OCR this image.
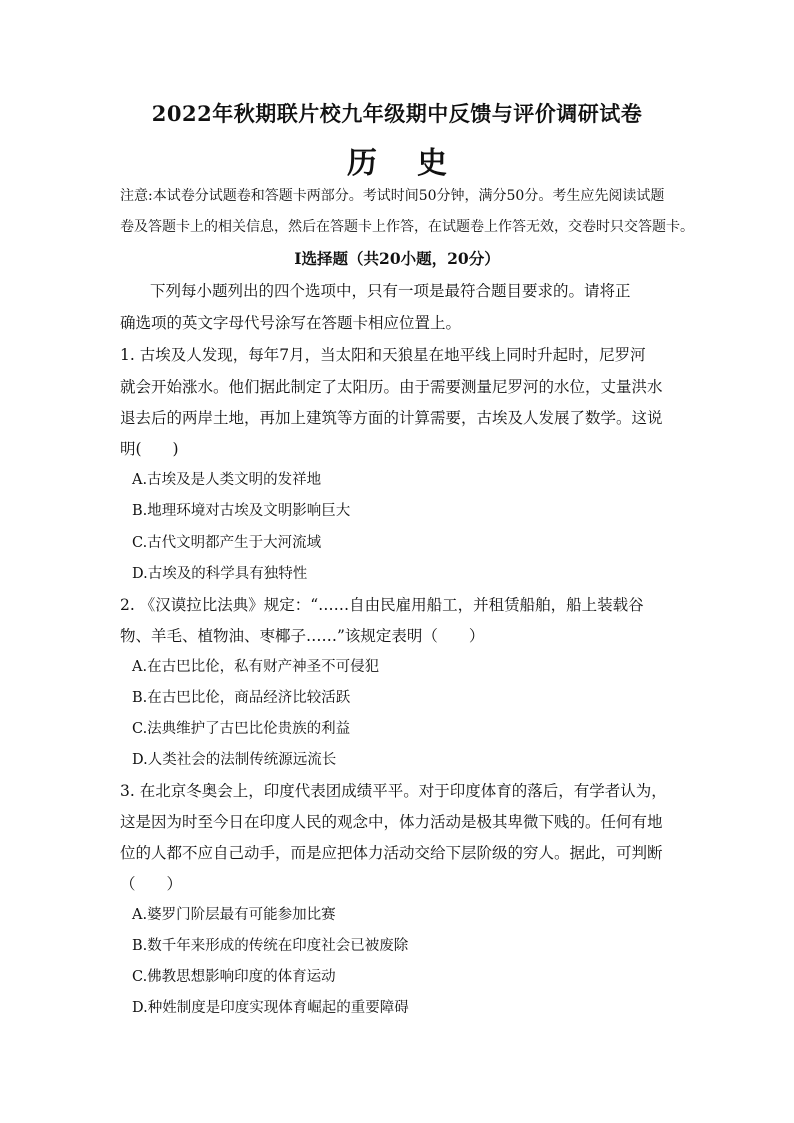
2022年秋期联片校九年级期中反馈与评价调研试卷
历 史
注意:本试卷分试题卷和答题卡两部分。考试时间50分钟，满分50分。考生应先阅读试题
卷及答题卡上的相关信息，然后在答题卡上作答，在试题卷上作答无效，交卷时只交答题卡。
Ⅰ选择题（共20小题，20分）
下列每小题列出的四个选项中，只有一项是最符合题目要求的。请将正
确选项的英文字母代号涂写在答题卡相应位置上。
1. 古埃及人发现，每年7月，当太阳和天狼星在地平线上同时升起时，尼罗河
就会开始涨水。他们据此制定了太阳历。由于需要测量尼罗河的水位，丈量洪水
退去后的两岸土地，再加上建筑等方面的计算需要，古埃及人发展了数学。这说
明(　　)
A.古埃及是人类文明的发祥地
B.地理环境对古埃及文明影响巨大
C.古代文明都产生于大河流域
D.古埃及的科学具有独特性
2. 《汉谟拉比法典》规定：“……自由民雇用船工，并租赁船舶，船上装载谷
物、羊毛、植物油、枣椰子……”该规定表明（　　）
A.在古巴比伦，私有财产神圣不可侵犯
B.在古巴比伦，商品经济比较活跃
C.法典维护了古巴比伦贵族的利益
D.人类社会的法制传统源远流长
3. 在北京冬奥会上，印度代表团成绩平平。对于印度体育的落后，有学者认为，
这是因为时至今日在印度人民的观念中，体力活动是极其卑微下贱的。任何有地
位的人都不应自己动手，而是应把体力活动交给下层阶级的穷人。据此，可判断
（　　）
A.婆罗门阶层最有可能参加比赛
B.数千年来形成的传统在印度社会已被废除
C.佛教思想影响印度的体育运动
D.种姓制度是印度实现体育崛起的重要障碍
